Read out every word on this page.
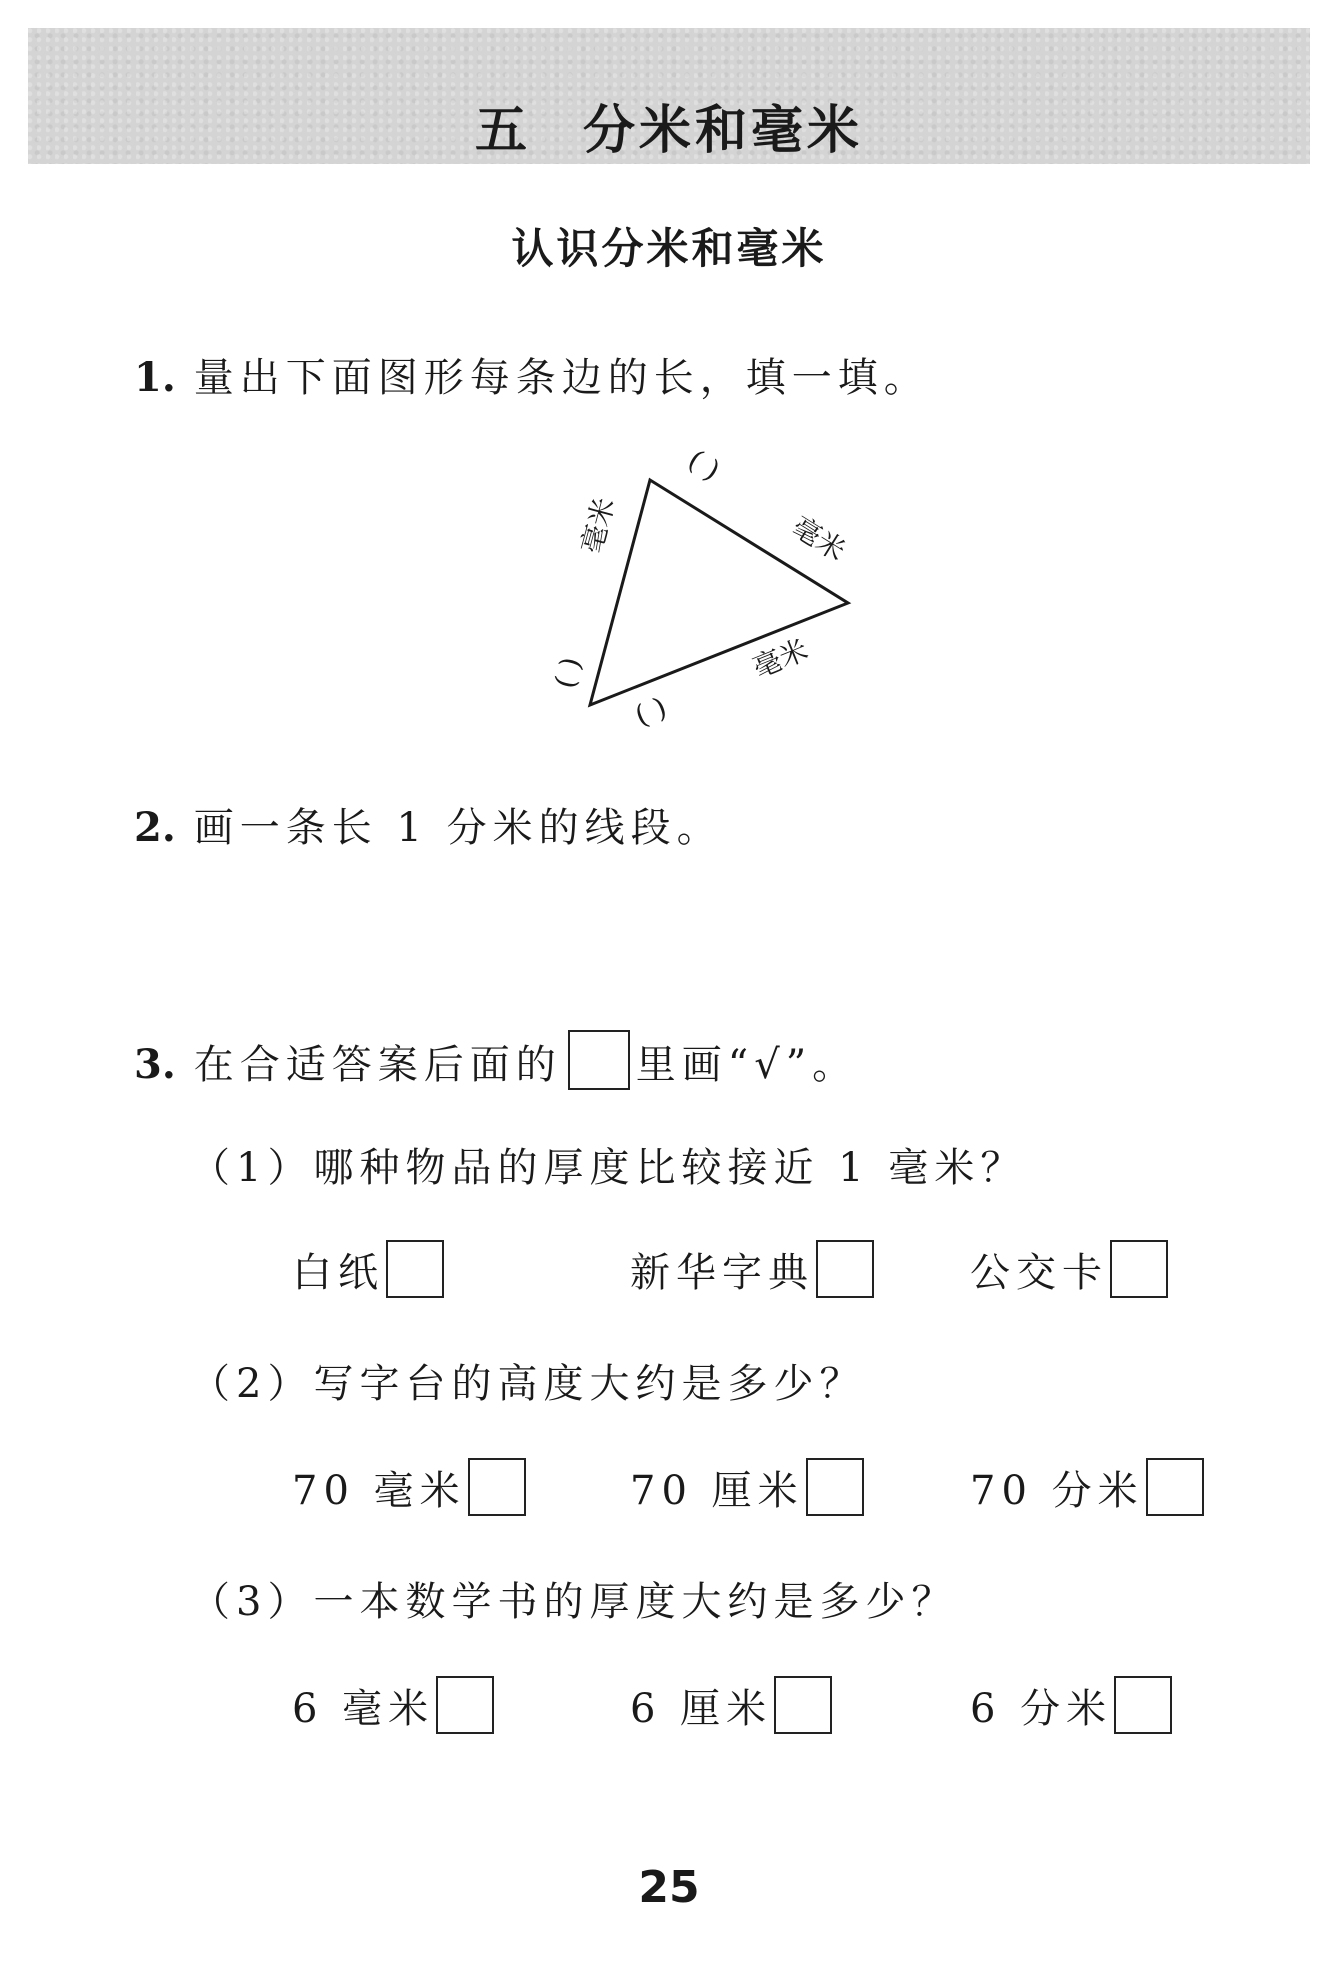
五 分米和毫米
认识分米和毫米
1. 量出下面图形每条边的长，填一填。
( )
毫米
( )
毫米
( )
毫米
2. 画一条长 1 分米的线段。
3. 在合适答案后面的 里画“√”。
（1）哪种物品的厚度比较接近 1 毫米？
白纸	新华字典	公交卡
（2）写字台的高度大约是多少？
70 毫米	70 厘米	70 分米
（3）一本数学书的厚度大约是多少？
6 毫米	6 厘米	6 分米
25
